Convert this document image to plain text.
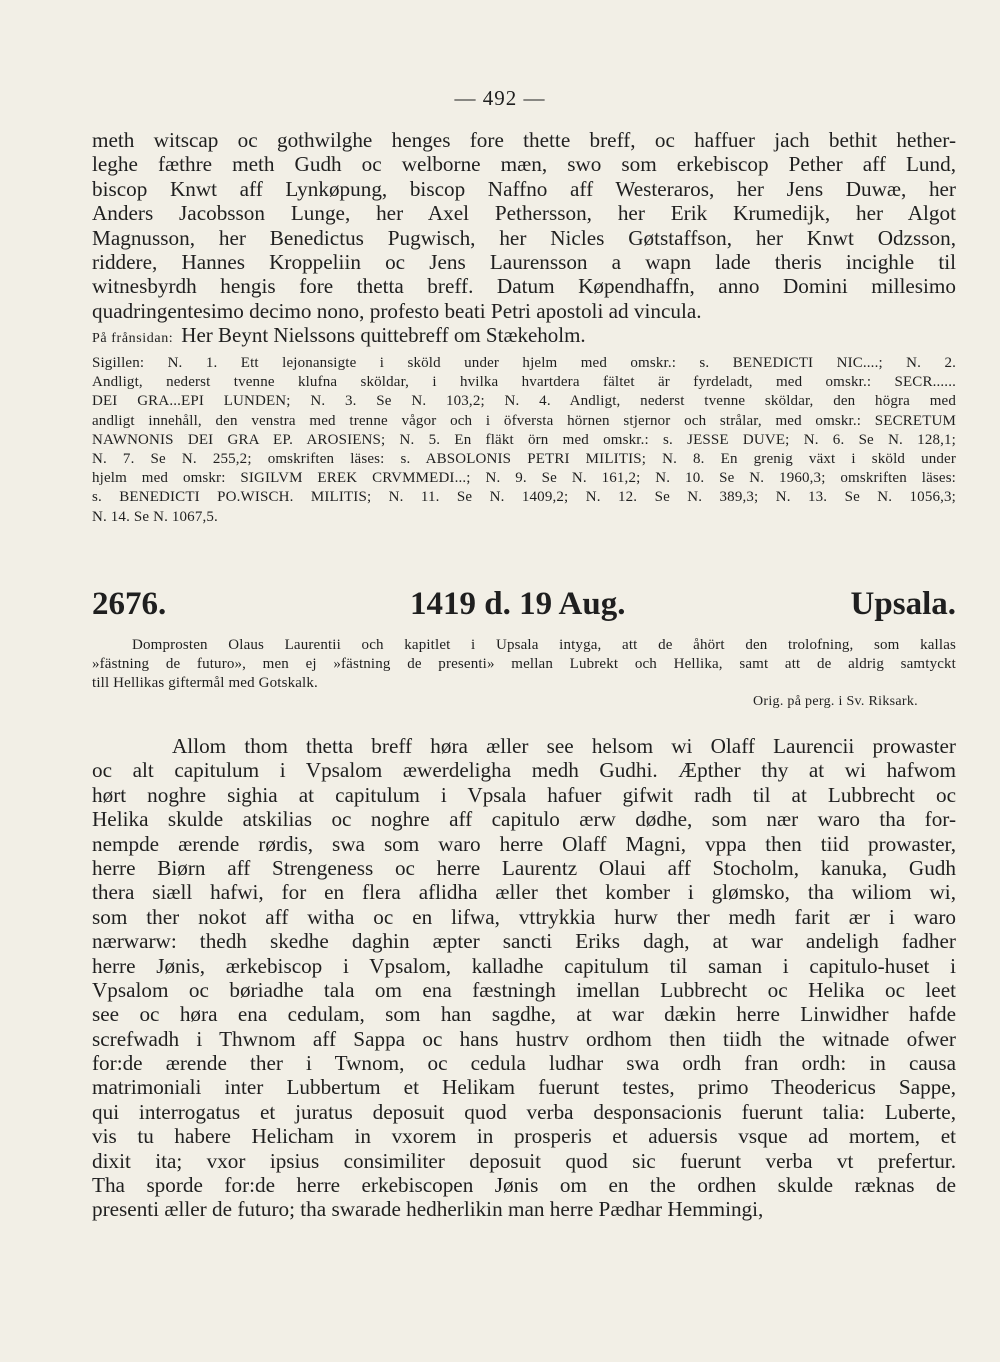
— 492 —
meth witscap oc gothwilghe henges fore thette breff, oc haffuer jach bethit hether-
leghe fæthre meth Gudh oc welborne mæn, swo som erkebiscop Pether aff Lund,
biscop Knwt aff Lynkøpung, biscop Naffno aff Westeraros, her Jens Duwæ, her
Anders Jacobsson Lunge, her Axel Pethersson, her Erik Krumedijk, her Algot
Magnusson, her Benedictus Pugwisch, her Nicles Gøtstaffson, her Knwt Odzsson,
riddere, Hannes Kroppeliin oc Jens Laurensson a wapn lade theris incighle til
witnesbyrdh hengis fore thetta breff. Datum Køpendhaffn, anno Domini millesimo
quadringentesimo decimo nono, profesto beati Petri apostoli ad vincula.
På frånsidan: Her Beynt Nielssons quittebreff om Stækeholm.
Sigillen: N. 1. Ett lejonansigte i sköld under hjelm med omskr.: s. BENEDICTI NIC....; N. 2.
Andligt, nederst tvenne klufna sköldar, i hvilka hvartdera fältet är fyrdeladt, med omskr.: SECR......
DEI GRA...EPI LUNDEN; N. 3. Se N. 103,2; N. 4. Andligt, nederst tvenne sköldar, den högra med
andligt innehåll, den venstra med trenne vågor och i öfversta hörnen stjernor och strålar, med omskr.: SECRETUM
NAWNONIS DEI GRA EP. AROSIENS; N. 5. En fläkt örn med omskr.: s. JESSE DUVE; N. 6. Se N. 128,1;
N. 7. Se N. 255,2; omskriften läses: s. ABSOLONIS PETRI MILITIS; N. 8. En grenig växt i sköld under
hjelm med omskr: SIGILVM EREK CRVMMEDI...; N. 9. Se N. 161,2; N. 10. Se N. 1960,3; omskriften läses:
s. BENEDICTI PO.WISCH. MILITIS; N. 11. Se N. 1409,2; N. 12. Se N. 389,3; N. 13. Se N. 1056,3;
N. 14. Se N. 1067,5.
2676.	1419 d. 19 Aug.	Upsala.
Domprosten Olaus Laurentii och kapitlet i Upsala intyga, att de åhört den trolofning, som kallas
»fästning de futuro», men ej »fästning de presenti» mellan Lubrekt och Hellika, samt att de aldrig samtyckt
till Hellikas giftermål med Gotskalk.
Orig. på perg. i Sv. Riksark.
Allom thom thetta breff høra æller see helsom wi Olaff Laurencii prowaster
oc alt capitulum i Vpsalom æwerdeligha medh Gudhi. Æpther thy at wi hafwom
hørt noghre sighia at capitulum i Vpsala hafuer gifwit radh til at Lubbrecht oc
Helika skulde atskilias oc noghre aff capitulo ærw dødhe, som nær waro tha for-
nempde ærende rørdis, swa som waro herre Olaff Magni, vppa then tiid prowaster,
herre Biørn aff Strengeness oc herre Laurentz Olaui aff Stocholm, kanuka, Gudh
thera siæll hafwi, for en flera aflidha æller thet komber i glømsko, tha wiliom wi,
som ther nokot aff witha oc en lifwa, vttrykkia hurw ther medh farit ær i waro
nærwarw: thedh skedhe daghin æpter sancti Eriks dagh, at war andeligh fadher
herre Jønis, ærkebiscop i Vpsalom, kalladhe capitulum til saman i capitulo-huset i
Vpsalom oc børiadhe tala om ena fæstningh imellan Lubbrecht oc Helika oc leet
see oc høra ena cedulam, som han sagdhe, at war dækin herre Linwidher hafde
screfwadh i Thwnom aff Sappa oc hans hustrv ordhom then tiidh the witnade ofwer
for:de ærende ther i Twnom, oc cedula ludhar swa ordh fran ordh: in causa
matrimoniali inter Lubbertum et Helikam fuerunt testes, primo Theodericus Sappe,
qui interrogatus et juratus deposuit quod verba desponsacionis fuerunt talia: Luberte,
vis tu habere Helicham in vxorem in prosperis et aduersis vsque ad mortem, et
dixit ita; vxor ipsius consimiliter deposuit quod sic fuerunt verba vt prefertur.
Tha sporde for:de herre erkebiscopen Jønis om en the ordhen skulde ræknas de
presenti æller de futuro; tha swarade hedherlikin man herre Pædhar Hemmingi,
